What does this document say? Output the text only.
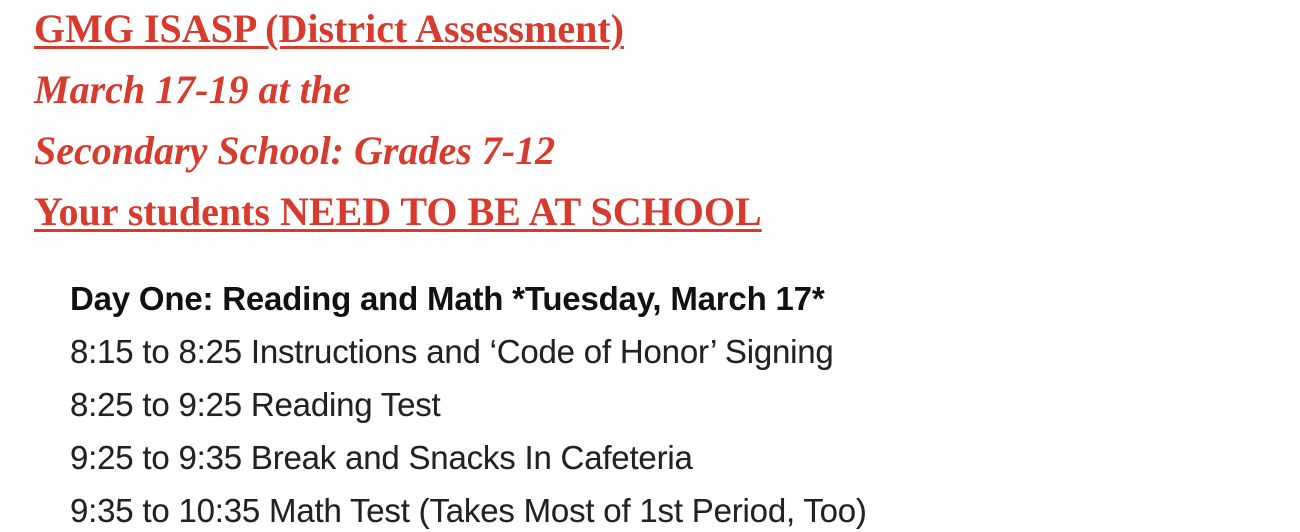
GMG ISASP (District Assessment)
March 17-19 at the
Secondary School: Grades 7-12
Your students NEED TO BE AT SCHOOL
Day One: Reading and Math *Tuesday, March 17*
8:15 to 8:25 Instructions and ‘Code of Honor’ Signing
8:25 to 9:25 Reading Test
9:25 to 9:35 Break and Snacks In Cafeteria
9:35 to 10:35 Math Test (Takes Most of 1st Period, Too)
